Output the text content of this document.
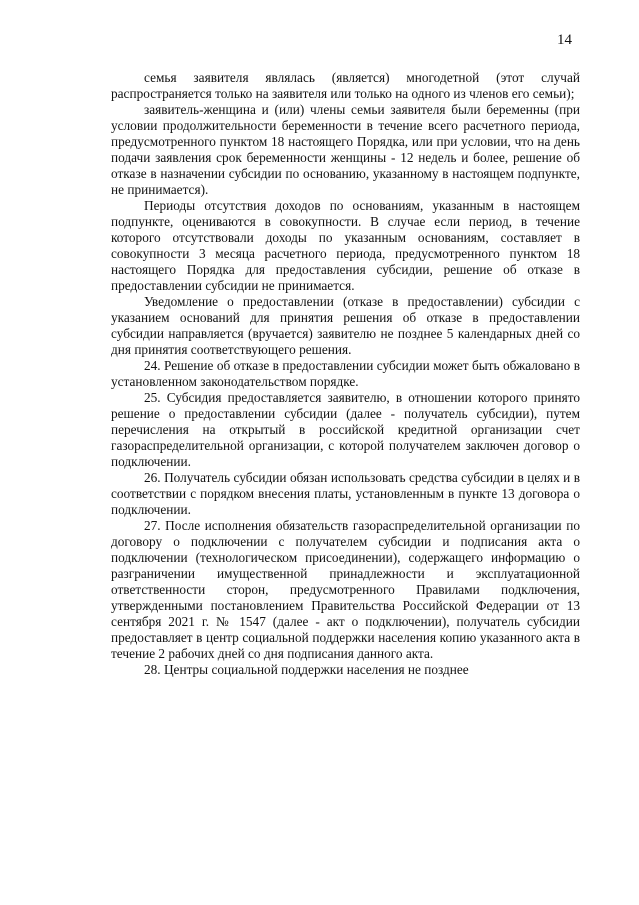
14

семья заявителя являлась (является) многодетной (этот случай распространяется только на заявителя или только на одного из членов его семьи);

заявитель-женщина и (или) члены семьи заявителя были беременны (при условии продолжительности беременности в течение всего расчетного периода, предусмотренного пунктом 18 настоящего Порядка, или при условии, что на день подачи заявления срок беременности женщины - 12 недель и более, решение об отказе в назначении субсидии по основанию, указанному в настоящем подпункте, не принимается).

Периоды отсутствия доходов по основаниям, указанным в настоящем подпункте, оцениваются в совокупности. В случае если период, в течение которого отсутствовали доходы по указанным основаниям, составляет в совокупности 3 месяца расчетного периода, предусмотренного пунктом 18 настоящего Порядка для предоставления субсидии, решение об отказе в предоставлении субсидии не принимается.

Уведомление о предоставлении (отказе в предоставлении) субсидии с указанием оснований для принятия решения об отказе в предоставлении субсидии направляется (вручается) заявителю не позднее 5 календарных дней со дня принятия соответствующего решения.

24. Решение об отказе в предоставлении субсидии может быть обжаловано в установленном законодательством порядке.

25. Субсидия предоставляется заявителю, в отношении которого принято решение о предоставлении субсидии (далее - получатель субсидии), путем перечисления на открытый в российской кредитной организации счет газораспределительной организации, с которой получателем заключен договор о подключении.

26. Получатель субсидии обязан использовать средства субсидии в целях и в соответствии с порядком внесения платы, установленным в пункте 13 договора о подключении.

27. После исполнения обязательств газораспределительной организации по договору о подключении с получателем субсидии и подписания акта о подключении (технологическом присоединении), содержащего информацию о разграничении имущественной принадлежности и эксплуатационной ответственности сторон, предусмотренного Правилами подключения, утвержденными постановлением Правительства Российской Федерации от 13 сентября 2021 г. № 1547 (далее - акт о подключении), получатель субсидии предоставляет в центр социальной поддержки населения копию указанного акта в течение 2 рабочих дней со дня подписания данного акта.

28. Центры социальной поддержки населения не позднее
